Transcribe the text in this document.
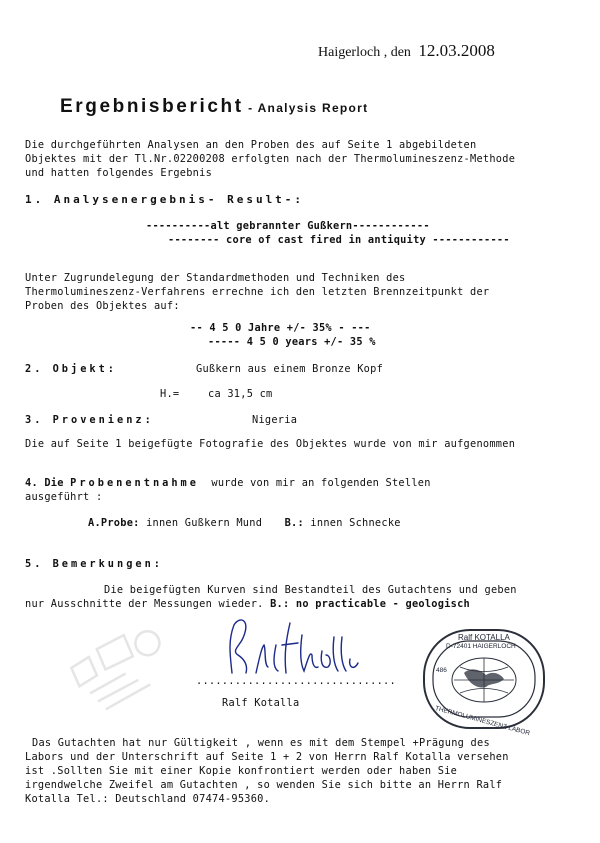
Haigerloch , den 12.03.2008
Ergebnisbericht - Analysis Report
Die durchgeführten Analysen an den Proben des auf Seite 1 abgebildeten
Objektes mit der Tl.Nr.02200208 erfolgten nach der Thermolumineszenz-Methode
und hatten folgendes Ergebnis
1. Analysenergebnis- Result-:
----------alt gebrannter Gußkern------------
-------- core of cast fired in antiquity ------------
Unter Zugrundelegung der Standardmethoden und Techniken des
Thermolumineszenz-Verfahrens errechne ich den letzten Brennzeitpunkt der
Proben des Objektes auf:
-- 4 5 0 Jahre +/- 35% - ---
----- 4 5 0 years +/- 35 %
2. Objekt:	Gußkern aus einem Bronze Kopf
H.=	ca 31,5 cm
3. Provenienz:	Nigeria
Die auf Seite 1 beigefügte Fotografie des Objektes wurde von mir aufgenommen
4. Die Probenentnahme wurde von mir an folgenden Stellen
ausgeführt :
A.Probe: innen Gußkern Mund B.: innen Schnecke
5. Bemerkungen:
Die beigefügten Kurven sind Bestandteil des Gutachtens und geben
nur Ausschnitte der Messungen wieder. B.: no practicable - geologisch
...............................
Ralf Kotalla
Ralf KOTALLA
D-72401 HAIGERLOCH
THERMOLUMINESZENZ LABOR
486
Das Gutachten hat nur Gültigkeit , wenn es mit dem Stempel +Prägung des
Labors und der Unterschrift auf Seite 1 + 2 von Herrn Ralf Kotalla versehen
ist .Sollten Sie mit einer Kopie konfrontiert werden oder haben Sie
irgendwelche Zweifel am Gutachten , so wenden Sie sich bitte an Herrn Ralf
Kotalla Tel.: Deutschland 07474-95360.
